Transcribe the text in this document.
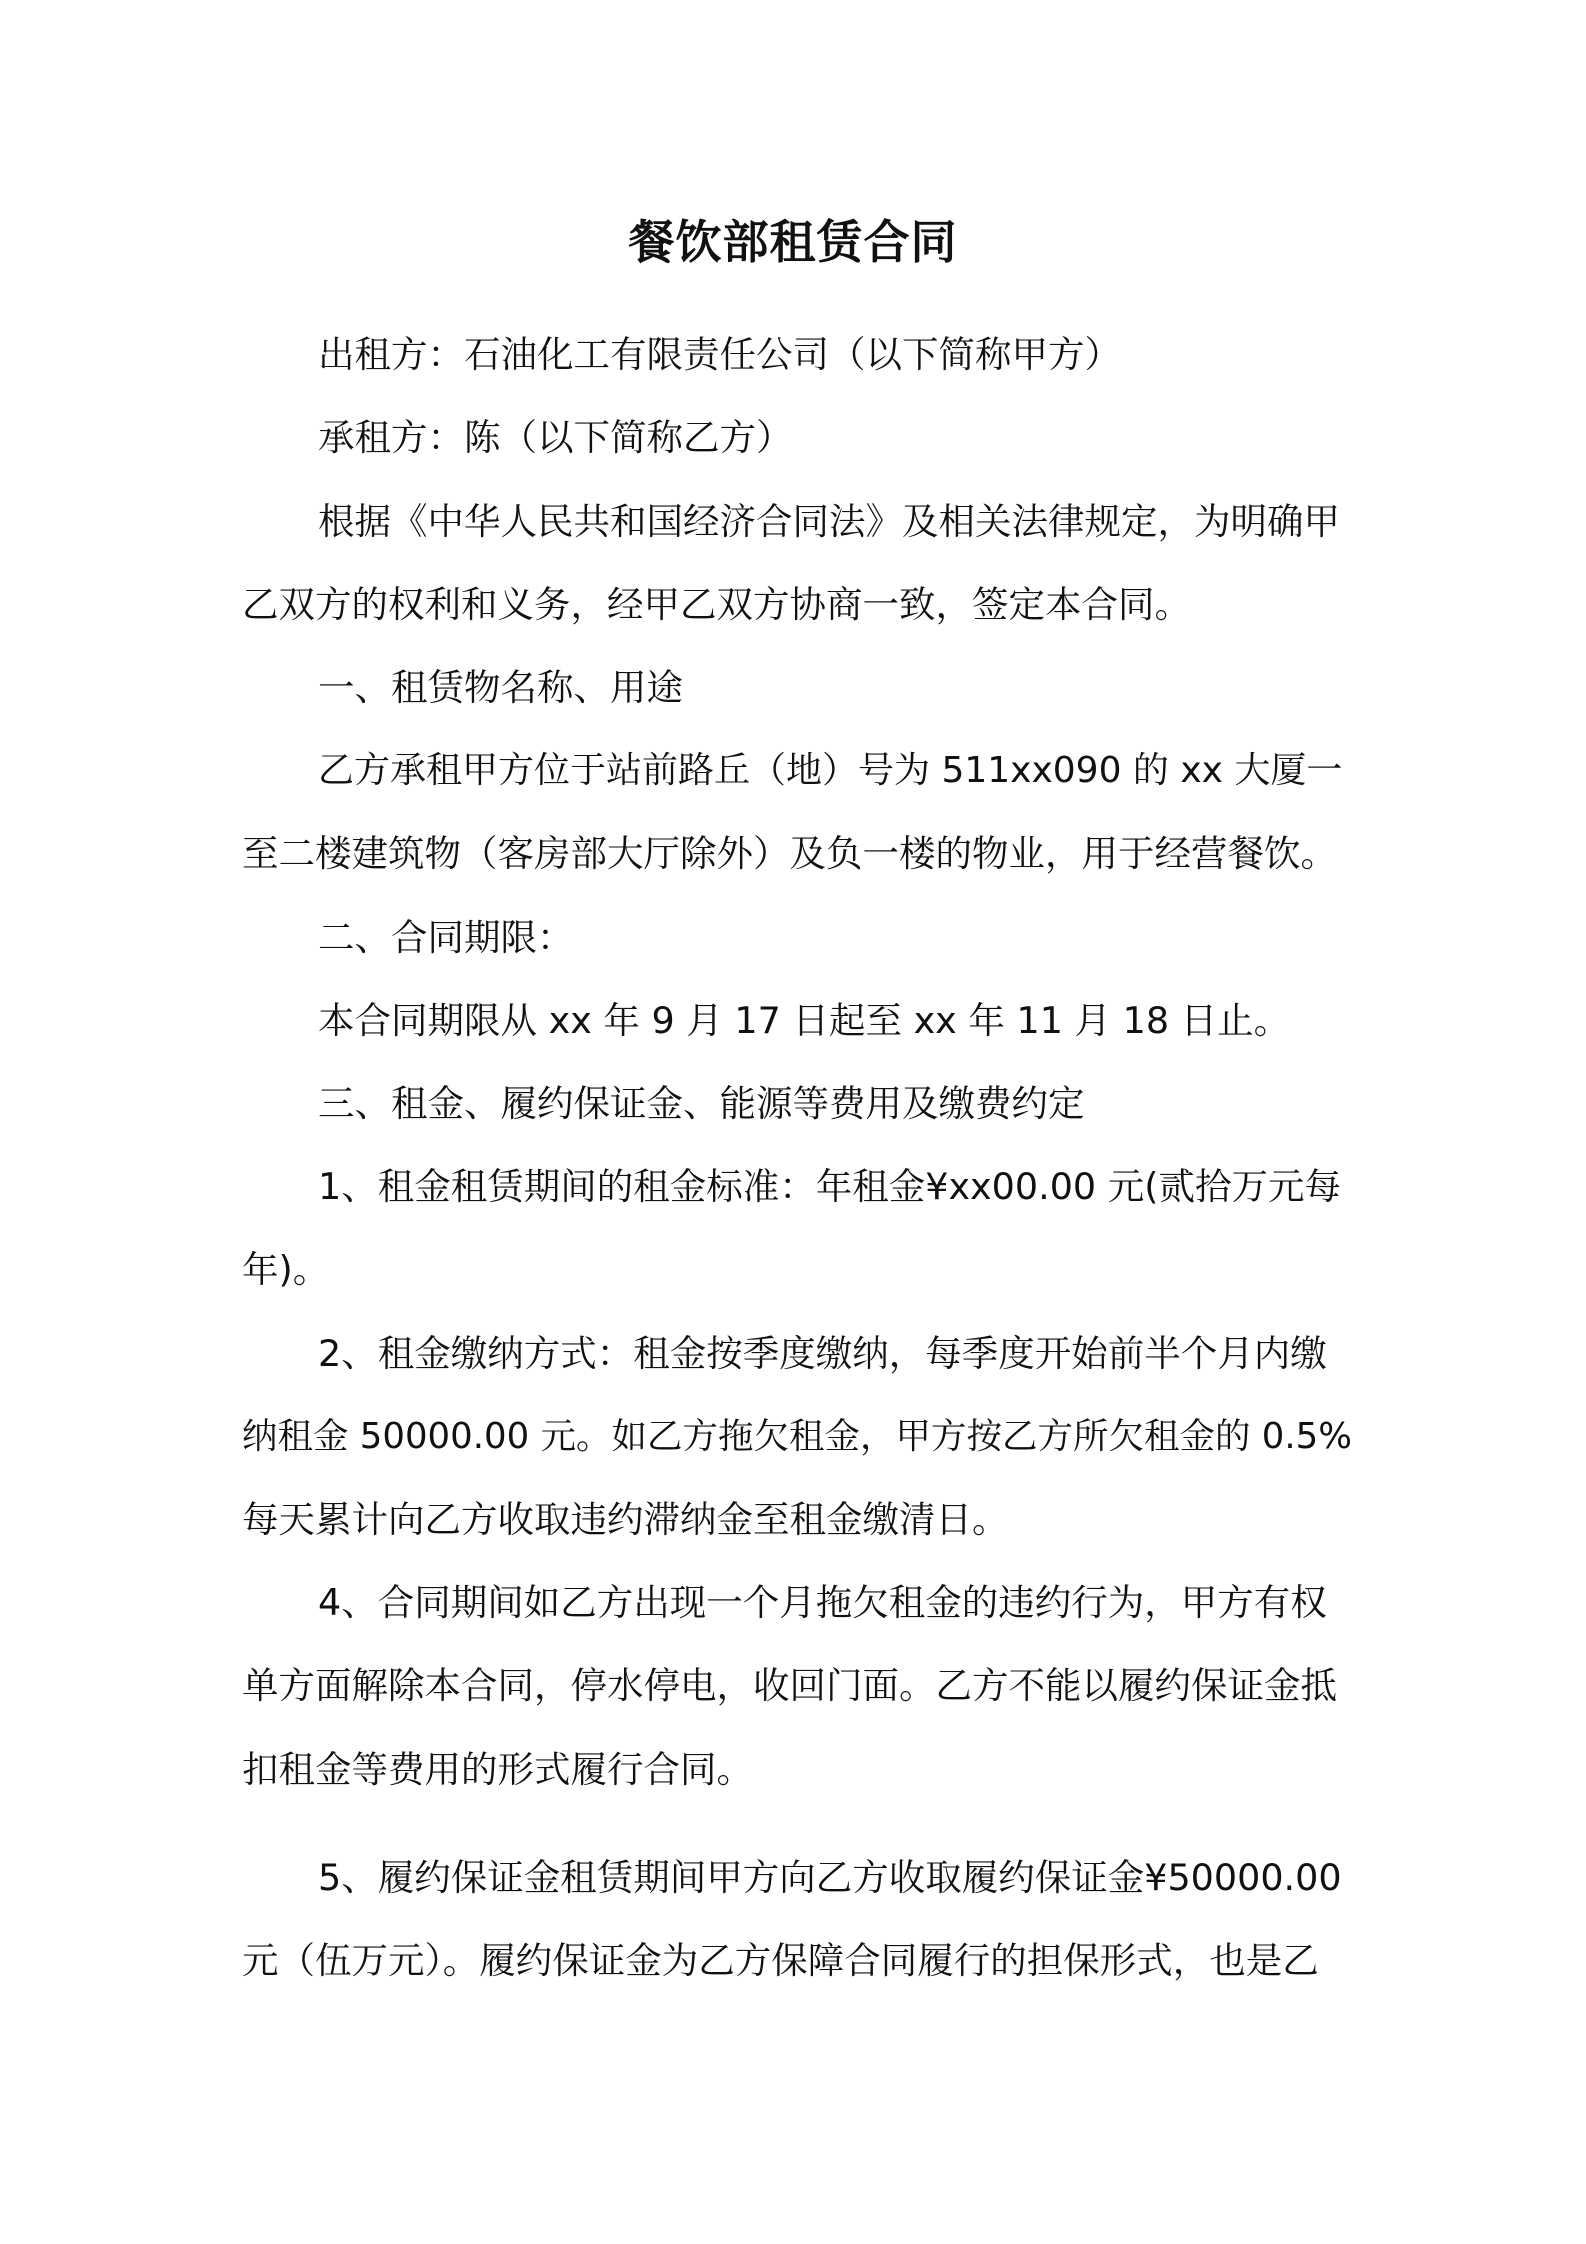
餐饮部租赁合同
出租方：石油化工有限责任公司（以下简称甲方）
承租方：陈（以下简称乙方）
根据《中华人民共和国经济合同法》及相关法律规定，为明确甲
乙双方的权利和义务，经甲乙双方协商一致，签定本合同。
一、租赁物名称、用途
乙方承租甲方位于站前路丘（地）号为 511xx090 的 xx 大厦一
至二楼建筑物（客房部大厅除外）及负一楼的物业，用于经营餐饮。
二、合同期限：
本合同期限从 xx 年 9 月 17 日起至 xx 年 11 月 18 日止。
三、租金、履约保证金、能源等费用及缴费约定
1、租金租赁期间的租金标准：年租金¥xx00.00 元(贰拾万元每
年)。
2、租金缴纳方式：租金按季度缴纳，每季度开始前半个月内缴
纳租金 50000.00 元。如乙方拖欠租金，甲方按乙方所欠租金的 0.5%
每天累计向乙方收取违约滞纳金至租金缴清日。
4、合同期间如乙方出现一个月拖欠租金的违约行为，甲方有权
单方面解除本合同，停水停电，收回门面。乙方不能以履约保证金抵
扣租金等费用的形式履行合同。
5、履约保证金租赁期间甲方向乙方收取履约保证金¥50000.00
元（伍万元）。履约保证金为乙方保障合同履行的担保形式，也是乙
